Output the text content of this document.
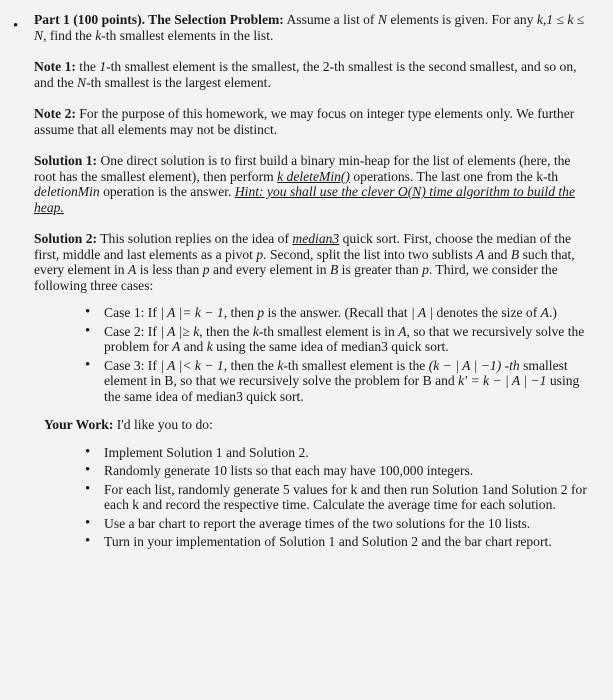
• Part 1 (100 points). The Selection Problem: Assume a list of N elements is given. For any k,1 ≤ k ≤ N, find the k-th smallest elements in the list.

Note 1: the 1-th smallest element is the smallest, the 2-th smallest is the second smallest, and so on, and the N-th smallest is the largest element.

Note 2: For the purpose of this homework, we may focus on integer type elements only. We further assume that all elements may not be distinct.

Solution 1: One direct solution is to first build a binary min-heap for the list of elements (here, the root has the smallest element), then perform k deleteMin() operations. The last one from the k-th deletionMin operation is the answer. Hint: you shall use the clever O(N) time algorithm to build the heap.

Solution 2: This solution replies on the idea of median3 quick sort. First, choose the median of the first, middle and last elements as a pivot p. Second, split the list into two sublists A and B such that, every element in A is less than p and every element in B is greater than p. Third, we consider the following three cases:

• Case 1: If | A |= k − 1, then p is the answer. (Recall that | A | denotes the size of A.)
• Case 2: If | A |≥ k, then the k-th smallest element is in A, so that we recursively solve the problem for A and k using the same idea of median3 quick sort.
• Case 3: If | A |< k − 1, then the k-th smallest element is the (k − | A | −1) -th smallest element in B, so that we recursively solve the problem for B and k' = k − | A | −1 using the same idea of median3 quick sort.
Your Work: I'd like you to do:
• Implement Solution 1 and Solution 2.
• Randomly generate 10 lists so that each may have 100,000 integers.
• For each list, randomly generate 5 values for k and then run Solution 1and Solution 2 for each k and record the respective time. Calculate the average time for each solution.
• Use a bar chart to report the average times of the two solutions for the 10 lists.
• Turn in your implementation of Solution 1 and Solution 2 and the bar chart report.
